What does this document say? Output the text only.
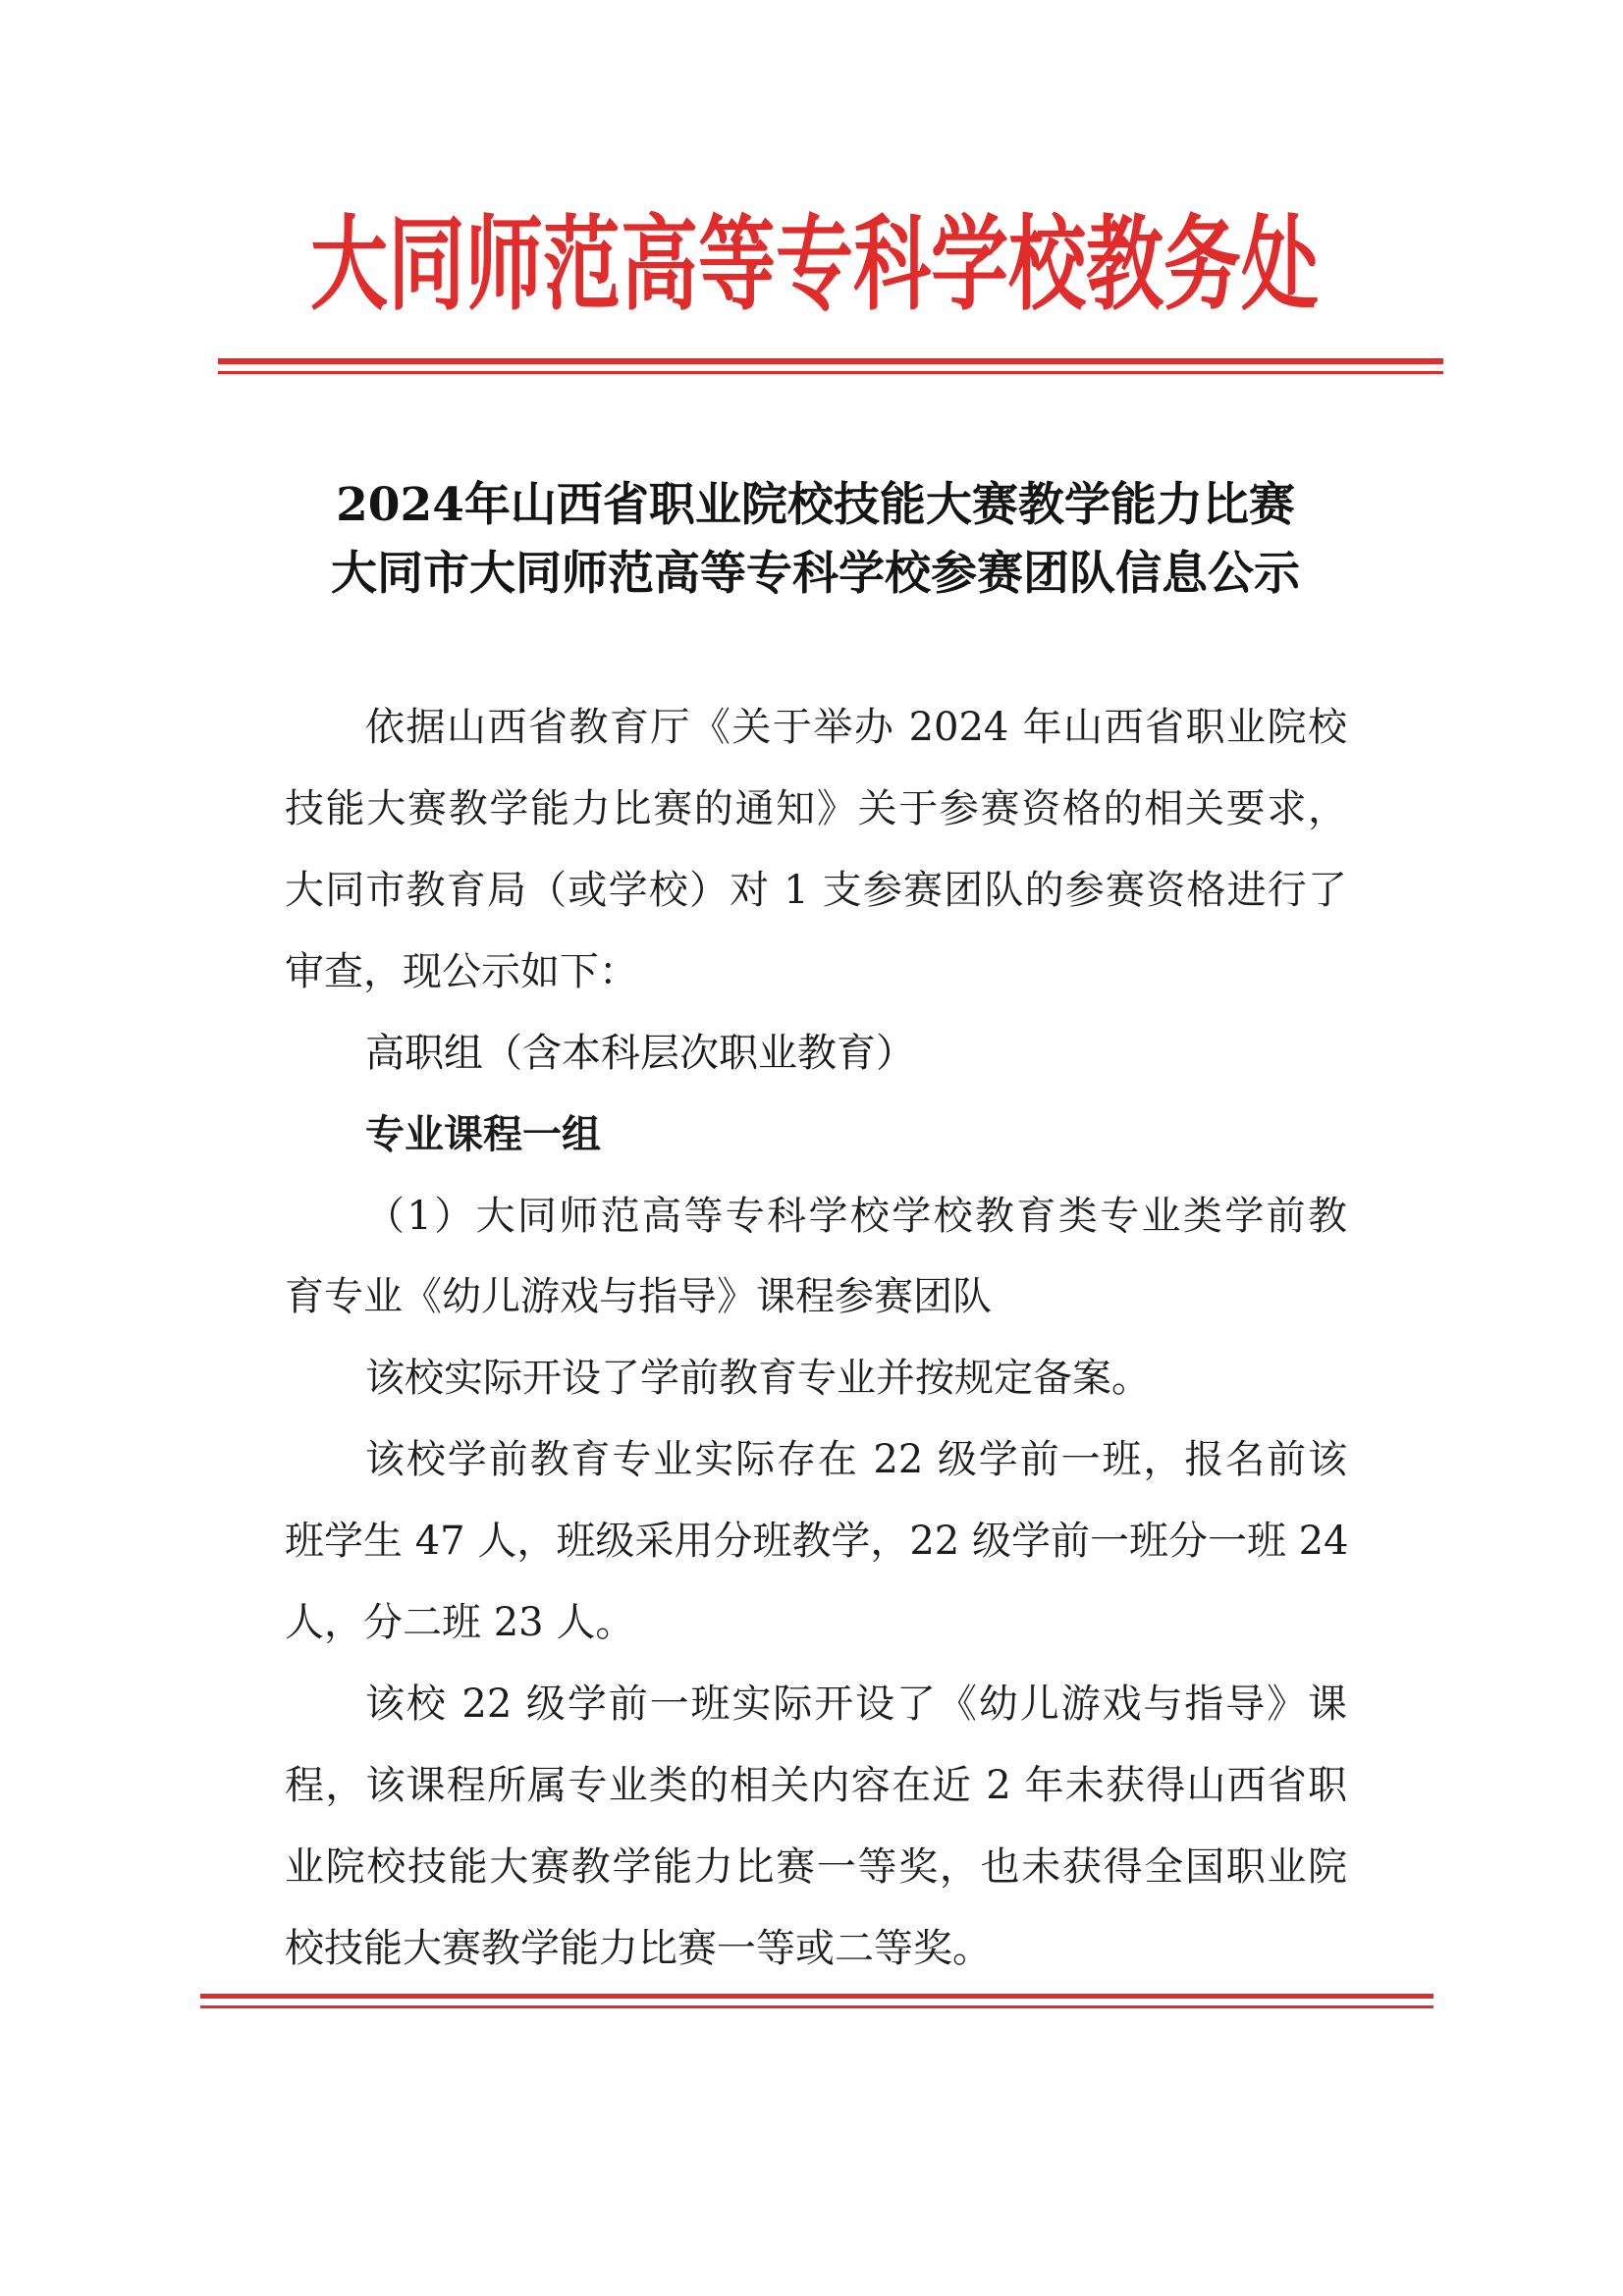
大同师范高等专科学校教务处
2024年山西省职业院校技能大赛教学能力比赛
大同市大同师范高等专科学校参赛团队信息公示
依据山西省教育厅《关于举办 2024 年山西省职业院校
技能大赛教学能力比赛的通知》关于参赛资格的相关要求，
大同市教育局（或学校）对 1 支参赛团队的参赛资格进行了
审查，现公示如下：
高职组（含本科层次职业教育）
专业课程一组
（1）大同师范高等专科学校学校教育类专业类学前教
育专业《幼儿游戏与指导》课程参赛团队
该校实际开设了学前教育专业并按规定备案。
该校学前教育专业实际存在 22 级学前一班，报名前该
班学生 47 人，班级采用分班教学，22 级学前一班分一班 24
人，分二班 23 人。
该校 22 级学前一班实际开设了《幼儿游戏与指导》课
程，该课程所属专业类的相关内容在近 2 年未获得山西省职
业院校技能大赛教学能力比赛一等奖，也未获得全国职业院
校技能大赛教学能力比赛一等或二等奖。
